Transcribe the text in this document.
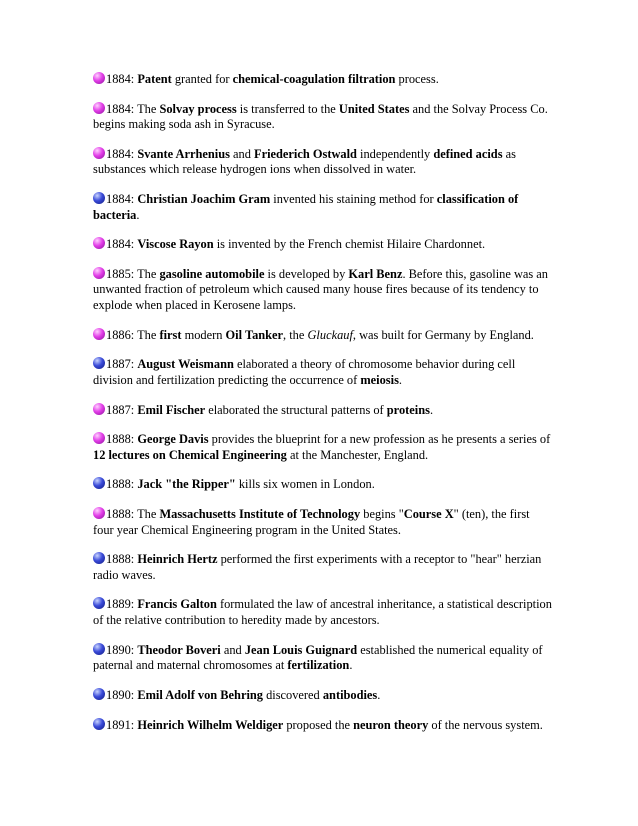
1884: Patent granted for chemical-coagulation filtration process.

1884: The Solvay process is transferred to the United States and the Solvay Process Co. begins making soda ash in Syracuse.

1884: Svante Arrhenius and Friederich Ostwald independently defined acids as substances which release hydrogen ions when dissolved in water.

1884: Christian Joachim Gram invented his staining method for classification of bacteria.

1884: Viscose Rayon is invented by the French chemist Hilaire Chardonnet.

1885: The gasoline automobile is developed by Karl Benz. Before this, gasoline was an unwanted fraction of petroleum which caused many house fires because of its tendency to explode when placed in Kerosene lamps.

1886: The first modern Oil Tanker, the Gluckauf, was built for Germany by England.

1887: August Weismann elaborated a theory of chromosome behavior during cell division and fertilization predicting the occurrence of meiosis.

1887: Emil Fischer elaborated the structural patterns of proteins.

1888: George Davis provides the blueprint for a new profession as he presents a series of 12 lectures on Chemical Engineering at the Manchester, England.

1888: Jack "the Ripper" kills six women in London.

1888: The Massachusetts Institute of Technology begins "Course X" (ten), the first four year Chemical Engineering program in the United States.

1888: Heinrich Hertz performed the first experiments with a receptor to "hear" herzian radio waves.

1889: Francis Galton formulated the law of ancestral inheritance, a statistical description of the relative contribution to heredity made by ancestors.

1890: Theodor Boveri and Jean Louis Guignard established the numerical equality of paternal and maternal chromosomes at fertilization.

1890: Emil Adolf von Behring discovered antibodies.

1891: Heinrich Wilhelm Weldiger proposed the neuron theory of the nervous system.
